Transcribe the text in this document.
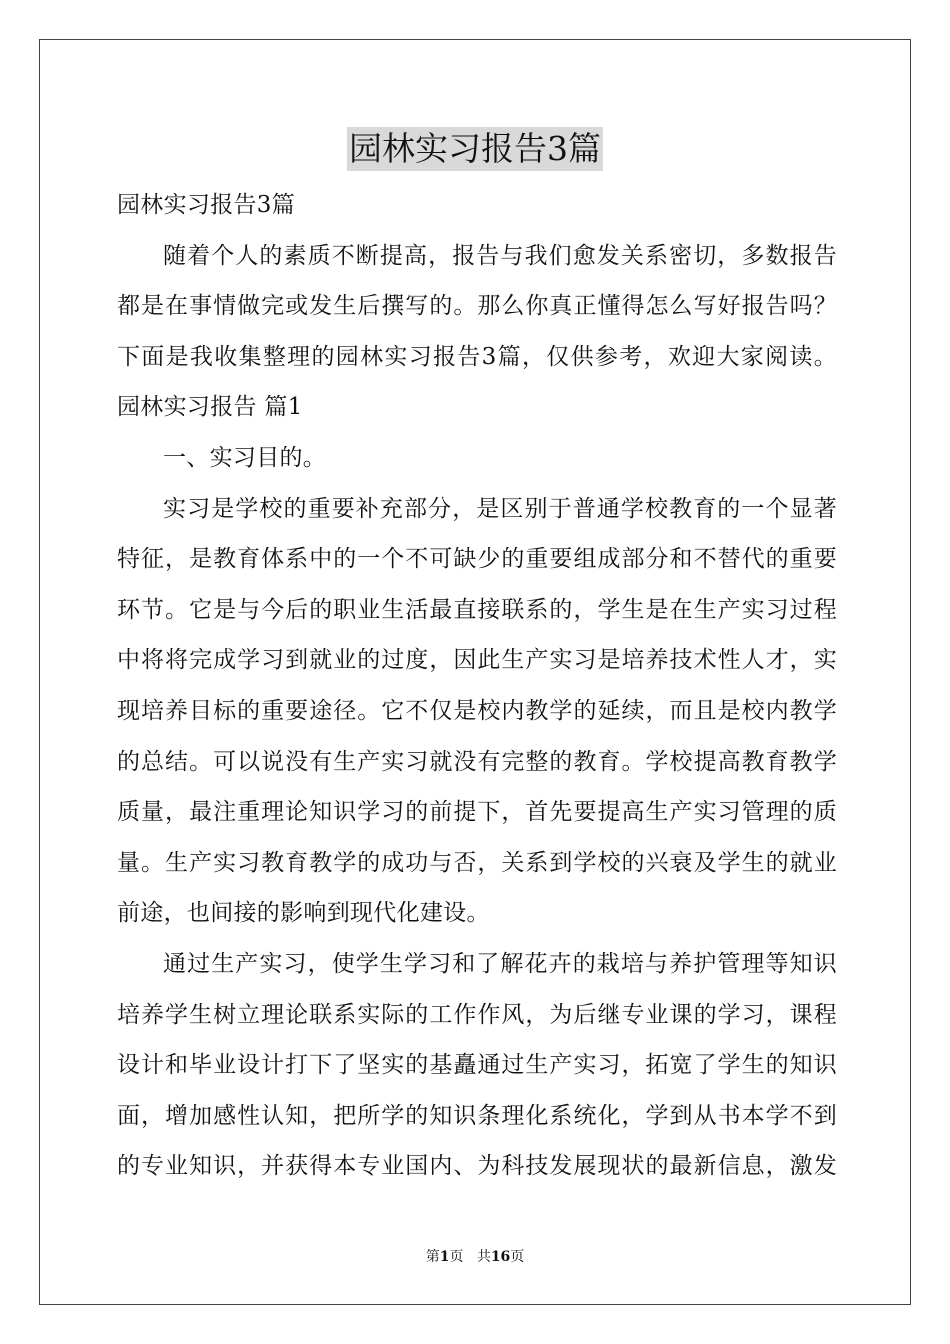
园林实习报告3篇
园林实习报告3篇
随着个人的素质不断提高，报告与我们愈发关系密切，多数报告
都是在事情做完或发生后撰写的。那么你真正懂得怎么写好报告吗？
下面是我收集整理的园林实习报告3篇，仅供参考，欢迎大家阅读。
园林实习报告 篇1
一、实习目的。
实习是学校的重要补充部分，是区别于普通学校教育的一个显著
特征，是教育体系中的一个不可缺少的重要组成部分和不替代的重要
环节。它是与今后的职业生活最直接联系的，学生是在生产实习过程
中将将完成学习到就业的过度，因此生产实习是培养技术性人才，实
现培养目标的重要途径。它不仅是校内教学的延续，而且是校内教学
的总结。可以说没有生产实习就没有完整的教育。学校提高教育教学
质量，最注重理论知识学习的前提下，首先要提高生产实习管理的质
量。生产实习教育教学的成功与否，关系到学校的兴衰及学生的就业
前途，也间接的影响到现代化建设。
通过生产实习，使学生学习和了解花卉的栽培与养护管理等知识
培养学生树立理论联系实际的工作作风，为后继专业课的学习，课程
设计和毕业设计打下了坚实的基矗通过生产实习，拓宽了学生的知识
面，增加感性认知，把所学的知识条理化系统化，学到从书本学不到
的专业知识，并获得本专业国内、为科技发展现状的最新信息，激发
第1页 共16页
